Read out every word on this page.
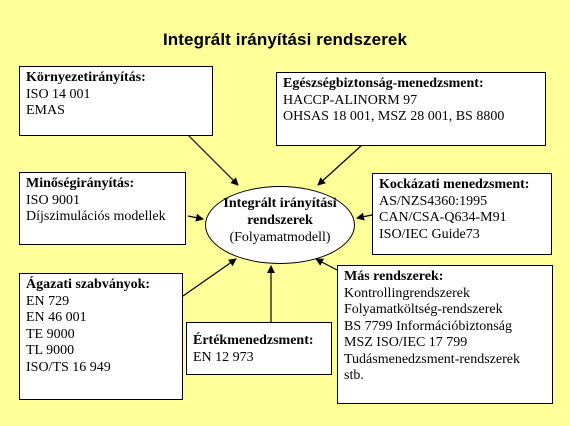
Integrált irányítási rendszerek
Környezetirányítás:
ISO 14 001
EMAS
Egészségbiztonság-menedzsment:
HACCP-ALINORM 97
OHSAS 18 001, MSZ 28 001, BS 8800
Minőségirányítás:
ISO 9001
Díjszimulációs modellek
Kockázati menedzsment:
AS/NZS4360:1995
CAN/CSA-Q634-M91
ISO/IEC Guide73
Ágazati szabványok:
EN 729
EN 46 001
TE 9000
TL 9000
ISO/TS 16 949
Értékmenedzsment:
EN 12 973
Más rendszerek:
Kontrollingrendszerek
Folyamatköltség-rendszerek
BS 7799 Információbiztonság
MSZ ISO/IEC 17 799
Tudásmenedzsment-rendszerek
stb.
Integrált irányítási
rendszerek
(Folyamatmodell)
